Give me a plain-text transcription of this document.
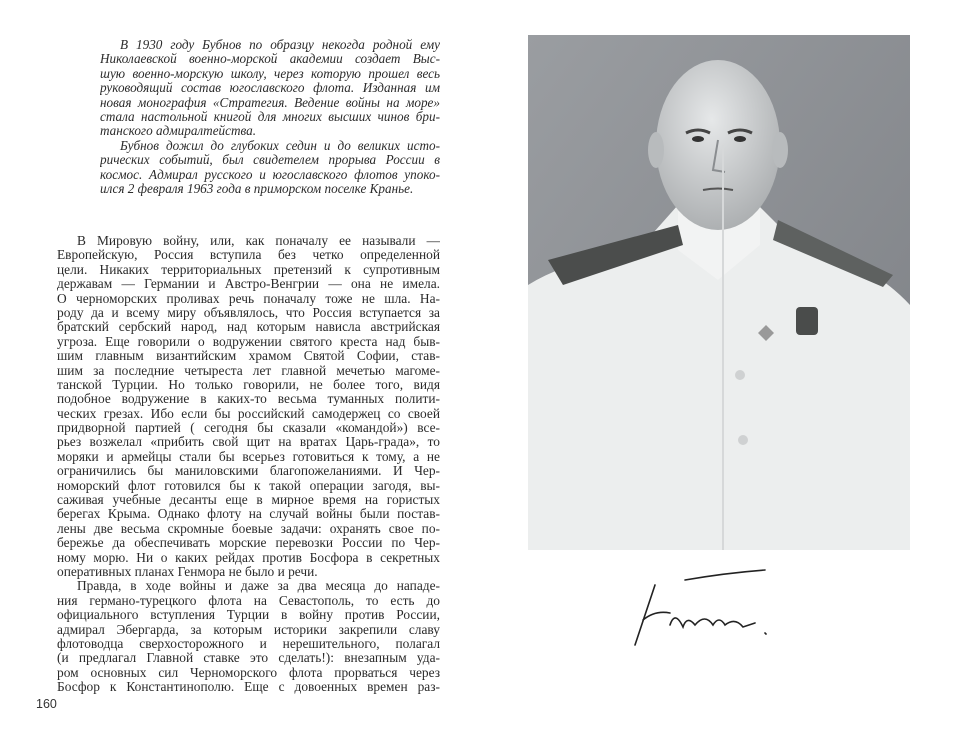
В 1930 году Бубнов по образцу некогда родной ему
Николаевской военно-морской академии создает Выс-
шую военно-морскую школу, через которую прошел весь
руководящий состав югославского флота. Изданная им
новая монография «Стратегия. Ведение войны на море»
стала настольной книгой для многих высших чинов бри-
танского адмиралтейства.
Бубнов дожил до глубоких седин и до великих исто-
рических событий, был свидетелем прорыва России в
космос. Адмирал русского и югославского флотов упоко-
ился 2 февраля 1963 года в приморском поселке Кранье.
В Мировую войну, или, как поначалу ее называли —
Европейскую, Россия вступила без четко определенной
цели. Никаких территориальных претензий к супротивным
державам — Германии и Австро-Венгрии — она не имела.
О черноморских проливах речь поначалу тоже не шла. На-
роду да и всему миру объявлялось, что Россия вступается за
братский сербский народ, над которым нависла австрийская
угроза. Еще говорили о водружении святого креста над быв-
шим главным византийским храмом Святой Софии, став-
шим за последние четыреста лет главной мечетью магоме-
танской Турции. Но только говорили, не более того, видя
подобное водружение в каких-то весьма туманных полити-
ческих грезах. Ибо если бы российский самодержец со своей
придворной партией ( сегодня бы сказали «командой») все-
рьез возжелал «прибить свой щит на вратах Царь-града», то
моряки и армейцы стали бы всерьез готовиться к тому, а не
ограничились бы маниловскими благопожеланиями. И Чер-
номорский флот готовился бы к такой операции загодя, вы-
саживая учебные десанты еще в мирное время на гористых
берегах Крыма. Однако флоту на случай войны были постав-
лены две весьма скромные боевые задачи: охранять свое по-
бережье да обеспечивать морские перевозки России по Чер-
ному морю. Ни о каких рейдах против Босфора в секретных
оперативных планах Генмора не было и речи.
Правда, в ходе войны и даже за два месяца до нападе-
ния германо-турецкого флота на Севастополь, то есть до
официального вступления Турции в войну против России,
адмирал Эбергарда, за которым историки закрепили славу
флотоводца сверхосторожного и нерешительного, полагал
(и предлагал Главной ставке это сделать!): внезапным уда-
ром основных сил Черноморского флота прорваться через
Босфор к Константинополю. Еще с довоенных времен раз-
160
